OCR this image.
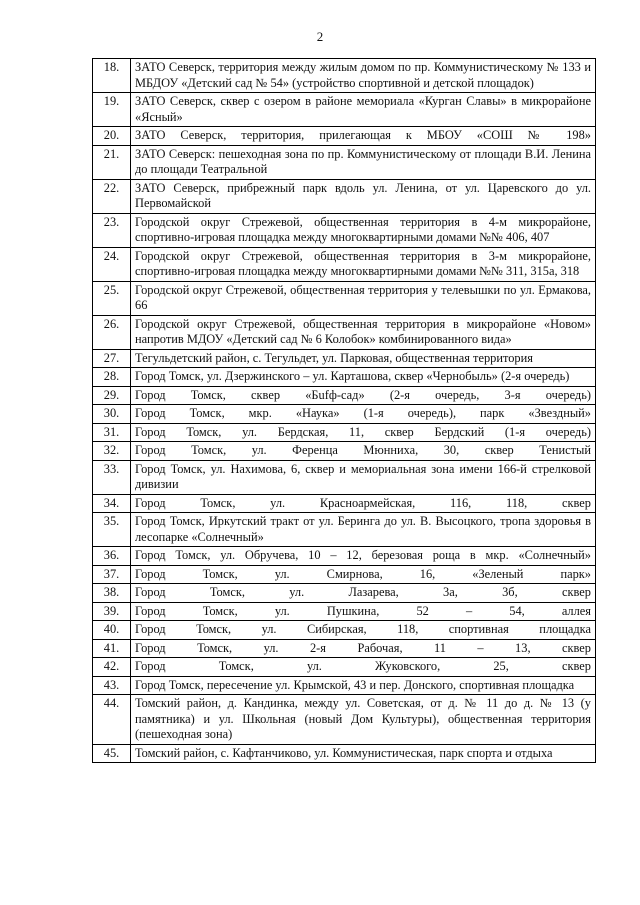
2
18.	ЗАТО Северск, территория между жилым домом по пр. Коммунистическому № 133 и МБДОУ «Детский сад № 54» (устройство спортивной и детской площадок)
19.	ЗАТО Северск, сквер с озером в районе мемориала «Курган Славы» в микрорайоне «Ясный»
20.	ЗАТО Северск, территория, прилегающая к МБОУ «СОШ № 198»
21.	ЗАТО Северск: пешеходная зона по пр. Коммунистическому от площади В.И. Ленина до площади Театральной
22.	ЗАТО Северск, прибрежный парк вдоль ул. Ленина, от ул. Царевского до ул. Первомайской
23.	Городской округ Стрежевой, общественная территория в 4-м микрорайоне, спортивно-игровая площадка между многоквартирными домами №№ 406, 407
24.	Городской округ Стрежевой, общественная территория в 3-м микрорайоне, спортивно-игровая площадка между многоквартирными домами №№ 311, 315а, 318
25.	Городской округ Стрежевой, общественная территория у телевышки по ул. Ермакова, 66
26.	Городской округ Стрежевой, общественная территория в микрорайоне «Новом» напротив МДОУ «Детский сад № 6 Колобок» комбинированного вида»
27.	Тегульдетский район, с. Тегульдет, ул. Парковая, общественная территория
28.	Город Томск, ул. Дзержинского – ул. Карташова, сквер «Чернобыль» (2-я очередь)
29.	Город Томск, сквер «Бufф-сад» (2-я очередь, 3-я очередь)
30.	Город Томск, мкр. «Наука» (1-я очередь), парк «Звездный»
31.	Город Томск, ул. Бердская, 11, сквер Бердский (1-я очередь)
32.	Город Томск, ул. Ференца Мюнниха, 30, сквер Тенистый
33.	Город Томск, ул. Нахимова, 6, сквер и мемориальная зона имени 166-й стрелковой дивизии
34.	Город Томск, ул. Красноармейская, 116, 118, сквер
35.	Город Томск, Иркутский тракт от ул. Беринга до ул. В. Высоцкого, тропа здоровья в лесопарке «Солнечный»
36.	Город Томск, ул. Обручева, 10 – 12, березовая роща в мкр. «Солнечный»
37.	Город Томск, ул. Смирнова, 16, «Зеленый парк»
38.	Город Томск, ул. Лазарева, 3а, 3б, сквер
39.	Город Томск, ул. Пушкина, 52 – 54, аллея
40.	Город Томск, ул. Сибирская, 118, спортивная площадка
41.	Город Томск, ул. 2-я Рабочая, 11 – 13, сквер
42.	Город Томск, ул. Жуковского, 25, сквер
43.	Город Томск, пересечение ул. Крымской, 43 и пер. Донского, спортивная площадка
44.	Томский район, д. Кандинка, между ул. Советская, от д. № 11 до д. № 13 (у памятника) и ул. Школьная (новый Дом Культуры), общественная территория (пешеходная зона)
45.	Томский район, с. Кафтанчиково, ул. Коммунистическая, парк спорта и отдыха
